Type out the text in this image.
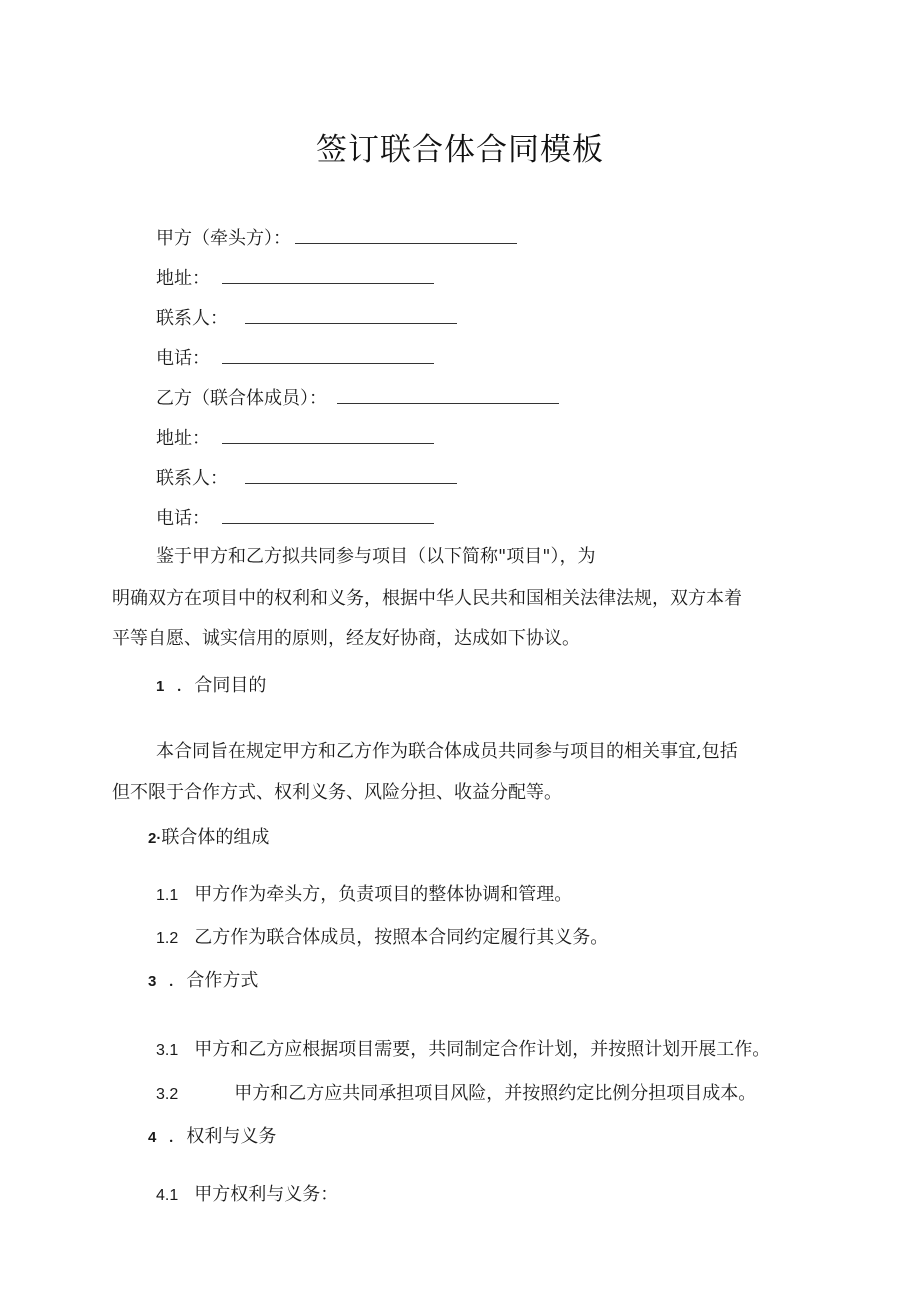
签订联合体合同模板
甲方（牵头方）：
地址：
联系人：
电话：
乙方（联合体成员）：
地址：
联系人：
电话：
鉴于甲方和乙方拟共同参与项目（以下简称"项目"），为
明确双方在项目中的权利和义务，根据中华人民共和国相关法律法规，双方本着
平等自愿、诚实信用的原则，经友好协商，达成如下协议。
1 ．合同目的
本合同旨在规定甲方和乙方作为联合体成员共同参与项目的相关事宜,包括
但不限于合作方式、权利义务、风险分担、收益分配等。
2·联合体的组成
1.1 甲方作为牵头方，负责项目的整体协调和管理。
1.2 乙方作为联合体成员，按照本合同约定履行其义务。
3 ．合作方式
3.1 甲方和乙方应根据项目需要，共同制定合作计划，并按照计划开展工作。
3.2	甲方和乙方应共同承担项目风险，并按照约定比例分担项目成本。
4 ．权利与义务
4.1 甲方权利与义务：
